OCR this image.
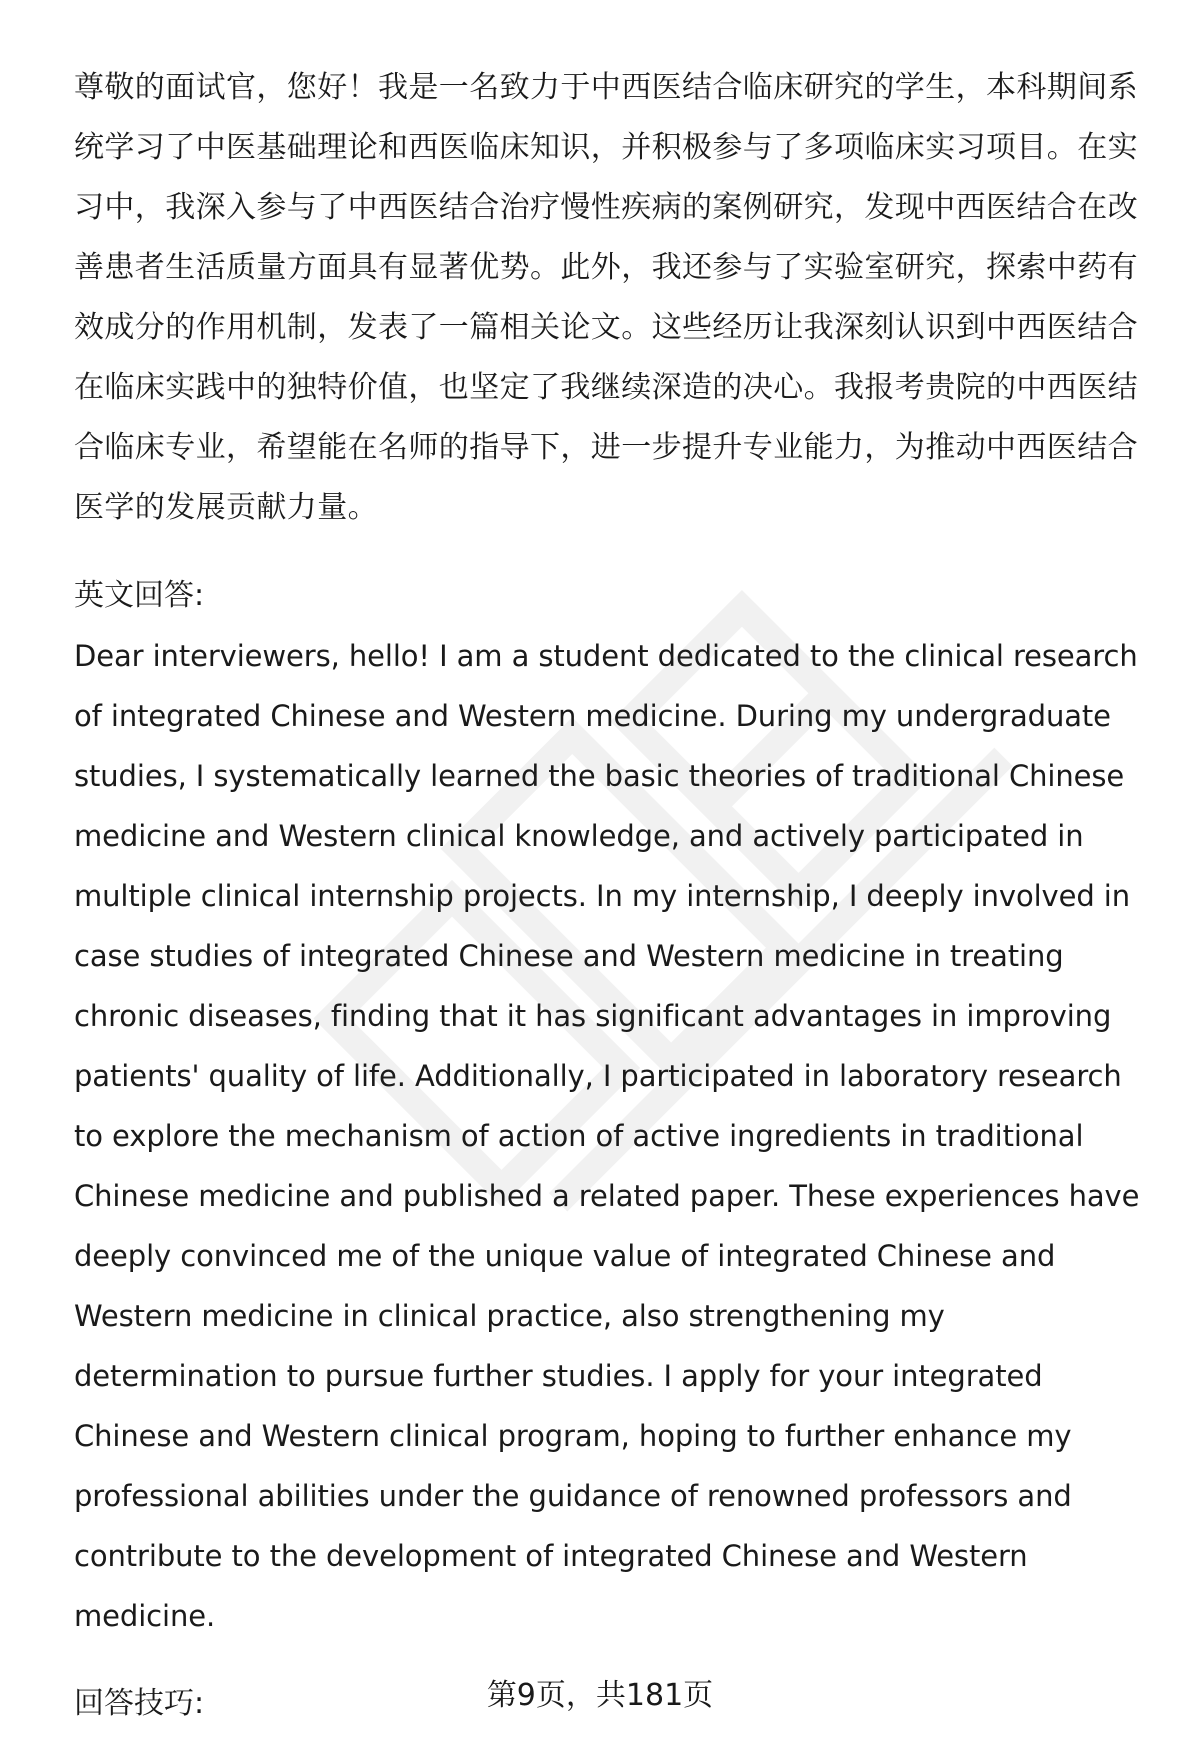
尊敬的面试官，您好！我是一名致力于中西医结合临床研究的学生，本科期间系统学习了中医基础理论和西医临床知识，并积极参与了多项临床实习项目。在实习中，我深入参与了中西医结合治疗慢性疾病的案例研究，发现中西医结合在改善患者生活质量方面具有显著优势。此外，我还参与了实验室研究，探索中药有效成分的作用机制，发表了一篇相关论文。这些经历让我深刻认识到中西医结合在临床实践中的独特价值，也坚定了我继续深造的决心。我报考贵院的中西医结合临床专业，希望能在名师的指导下，进一步提升专业能力，为推动中西医结合医学的发展贡献力量。

英文回答:

Dear interviewers, hello! I am a student dedicated to the clinical research of integrated Chinese and Western medicine. During my undergraduate studies, I systematically learned the basic theories of traditional Chinese medicine and Western clinical knowledge, and actively participated in multiple clinical internship projects. In my internship, I deeply involved in case studies of integrated Chinese and Western medicine in treating chronic diseases, finding that it has significant advantages in improving patients' quality of life. Additionally, I participated in laboratory research to explore the mechanism of action of active ingredients in traditional Chinese medicine and published a related paper. These experiences have deeply convinced me of the unique value of integrated Chinese and Western medicine in clinical practice, also strengthening my determination to pursue further studies. I apply for your integrated Chinese and Western clinical program, hoping to further enhance my professional abilities under the guidance of renowned professors and contribute to the development of integrated Chinese and Western medicine.

回答技巧:	第9页，共181页
